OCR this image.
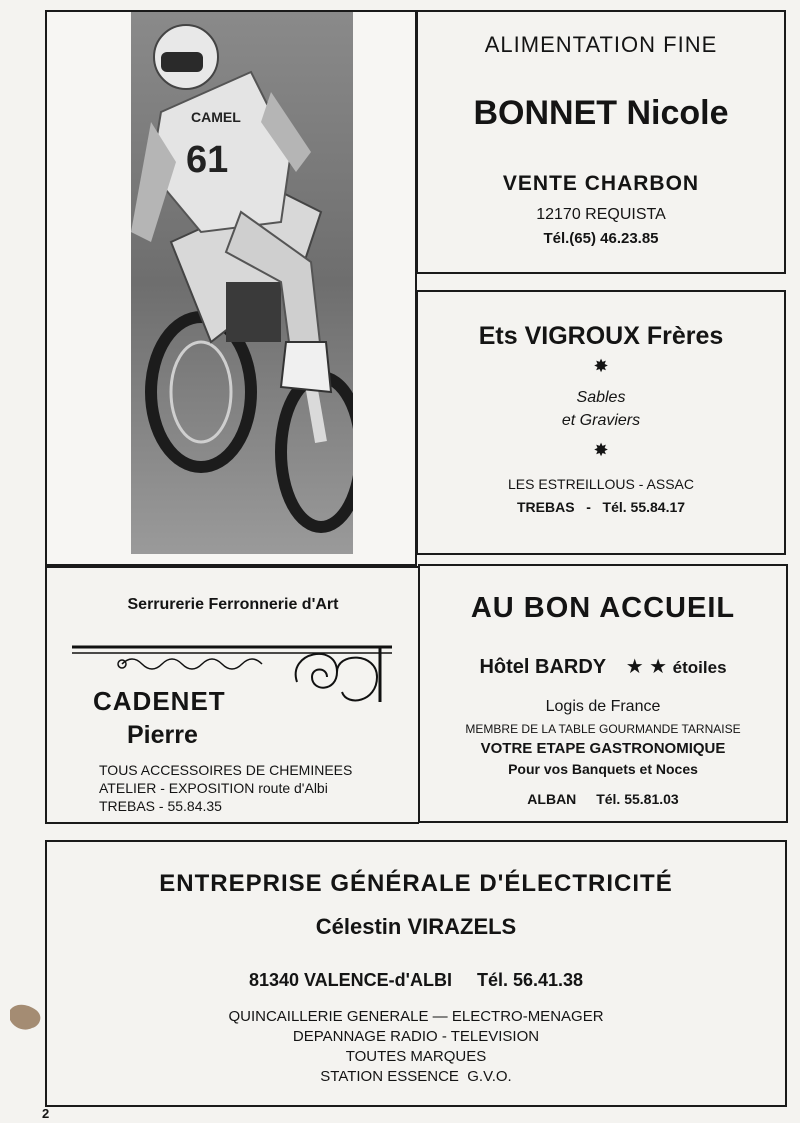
CAMEL
61
ALIMENTATION FINE
BONNET Nicole
VENTE CHARBON
12170 REQUISTA
Tél.(65) 46.23.85
Ets VIGROUX Frères
✸
Sables
et Graviers
✸
LES ESTREILLOUS - ASSAC
TREBAS   -   Tél. 55.84.17
Serrurerie Ferronnerie d'Art
CADENET
Pierre
TOUS ACCESSOIRES DE CHEMINEES
ATELIER - EXPOSITION route d'Albi
TREBAS - 55.84.35
AU BON ACCUEIL
Hôtel BARDY ★ ★ étoiles
Logis de France
MEMBRE DE LA TABLE GOURMANDE TARNAISE
VOTRE ETAPE GASTRONOMIQUE
Pour vos Banquets et Noces
ALBAN Tél. 55.81.03
ENTREPRISE GÉNÉRALE D'ÉLECTRICITÉ
Célestin VIRAZELS
81340 VALENCE-d'ALBI Tél. 56.41.38
QUINCAILLERIE GENERALE — ELECTRO-MENAGER
DEPANNAGE RADIO - TELEVISION
TOUTES MARQUES
STATION ESSENCE  G.V.O.
2
